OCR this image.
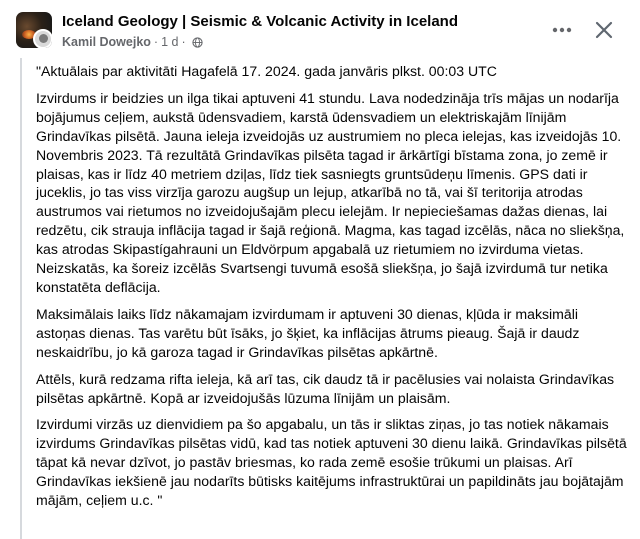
Iceland Geology | Seismic & Volcanic Activity in Iceland
Kamil Dowejko · 1 d ·

"Aktuālais par aktivitāti Hagafelā 17. 2024. gada janvāris plkst. 00:03 UTC

Izvirdums ir beidzies un ilga tikai aptuveni 41 stundu. Lava nodedzināja trīs mājas un nodarīja bojājumus ceļiem, aukstā ūdensvadiem, karstā ūdensvadiem un elektriskajām līnijām Grindavīkas pilsētā. Jauna ieleja izveidojās uz austrumiem no pleca ielejas, kas izveidojās 10. Novembris 2023. Tā rezultātā Grindavīkas pilsēta tagad ir ārkārtīgi bīstama zona, jo zemē ir plaisas, kas ir līdz 40 metriem dziļas, līdz tiek sasniegts gruntsūdeņu līmenis. GPS dati ir juceklis, jo tas viss virzīja garozu augšup un lejup, atkarībā no tā, vai šī teritorija atrodas austrumos vai rietumos no izveidojušajām plecu ielejām. Ir nepieciešamas dažas dienas, lai redzētu, cik strauja inflācija tagad ir šajā reģionā. Magma, kas tagad izcēlās, nāca no sliekšņa, kas atrodas Skipastígahrauni un Eldvörpum apgabalā uz rietumiem no izvirduma vietas. Neizskatās, ka šoreiz izcēlās Svartsengi tuvumā esošā sliekšņa, jo šajā izvirdumā tur netika konstatēta deflācija.

Maksimālais laiks līdz nākamajam izvirdumam ir aptuveni 30 dienas, kļūda ir maksimāli astoņas dienas. Tas varētu būt īsāks, jo šķiet, ka inflācijas ātrums pieaug. Šajā ir daudz neskaidrību, jo kā garoza tagad ir Grindavīkas pilsētas apkārtnē.

Attēls, kurā redzama rifta ieleja, kā arī tas, cik daudz tā ir pacēlusies vai nolaista Grindavīkas pilsētas apkārtnē. Kopā ar izveidojušās lūzuma līnijām un plaisām.

Izvirdumi virzās uz dienvidiem pa šo apgabalu, un tās ir sliktas ziņas, jo tas notiek nākamais izvirdums Grindavīkas pilsētas vidū, kad tas notiek aptuveni 30 dienu laikā. Grindavīkas pilsētā tāpat kā nevar dzīvot, jo pastāv briesmas, ko rada zemē esošie trūkumi un plaisas. Arī Grindavīkas iekšienē jau nodarīts būtisks kaitējums infrastruktūrai un papildināts jau bojātajām mājām, ceļiem u.c. "
